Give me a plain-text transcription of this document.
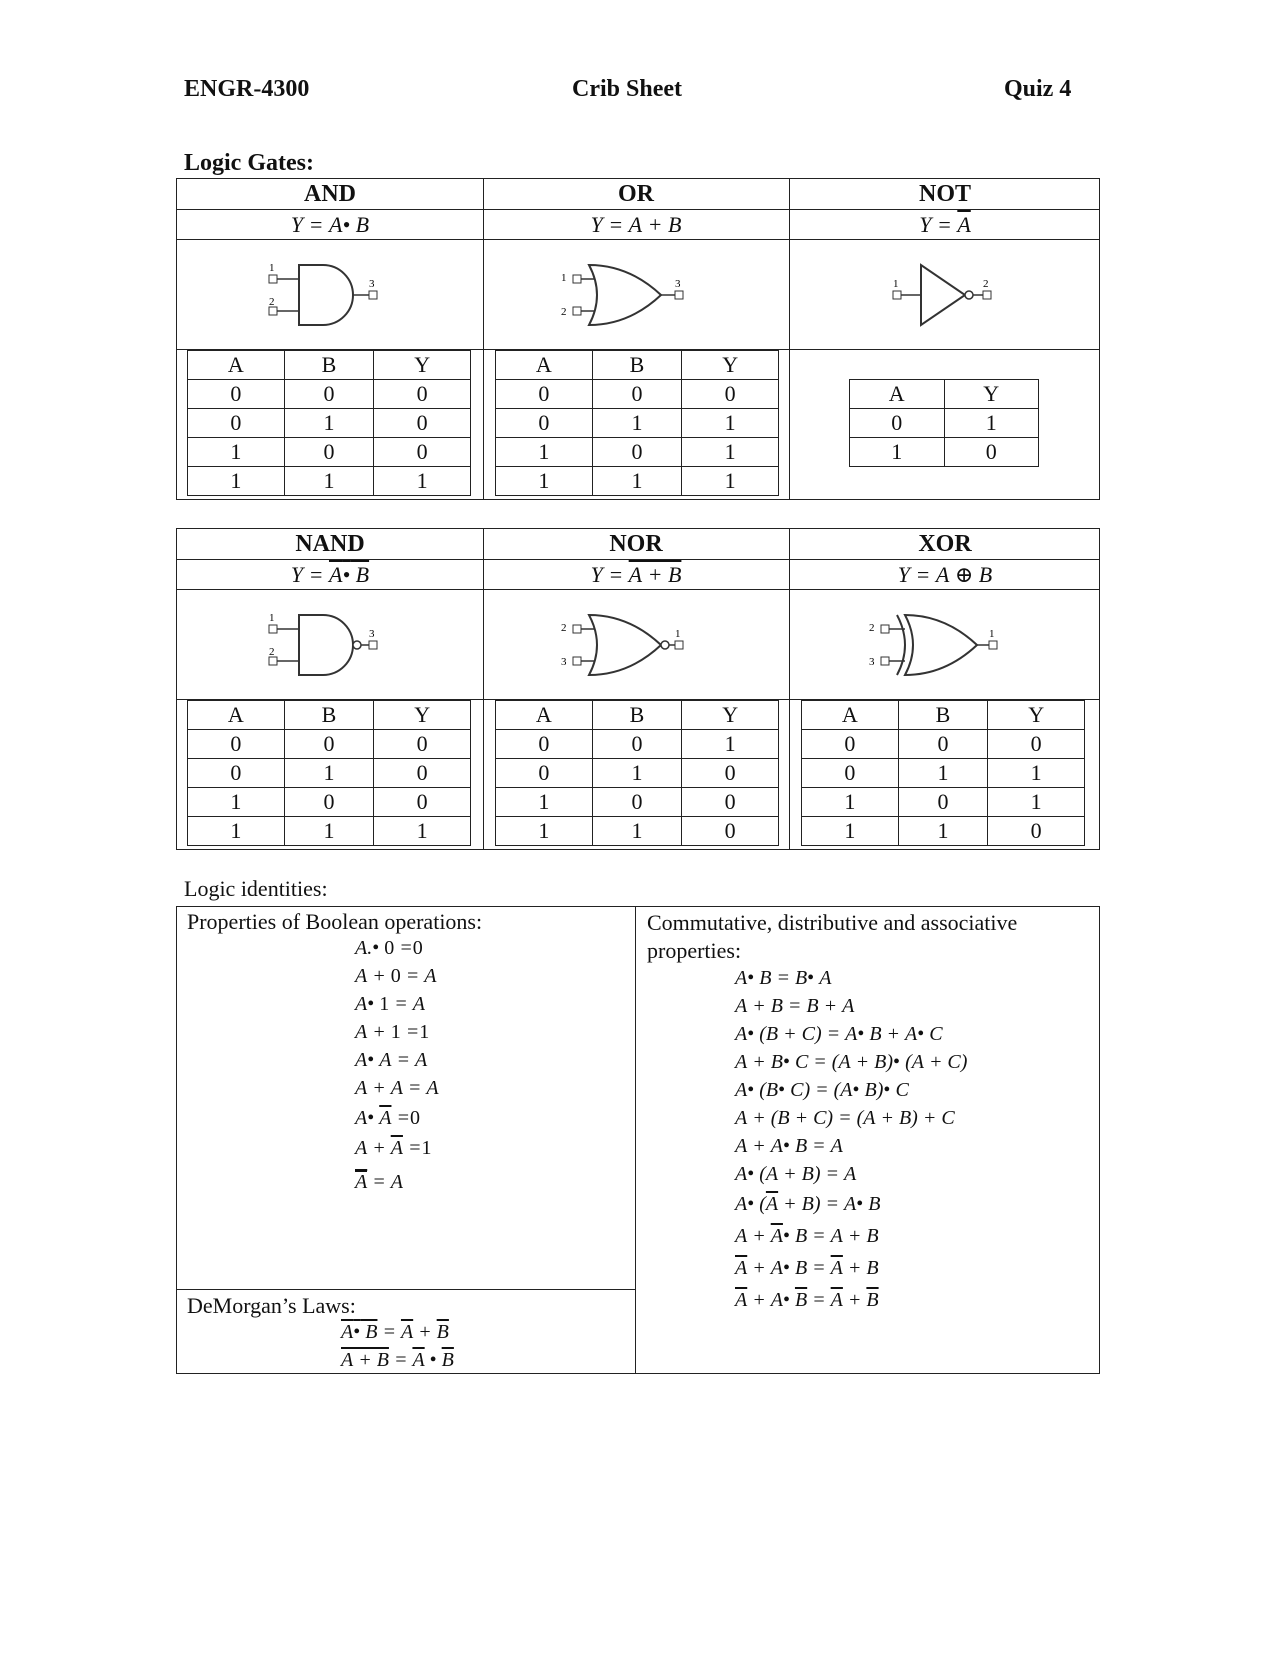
ENGR-4300	Crib Sheet	Quiz 4
Logic Gates:
AND	OR	NOT
Y = A• B	Y = A + B	$Y = \overline{A}$
1
2
3	1
2
3	1	2
A	B	Y
0	0	0
0	1	0
1	0	0
1	1	1
A	B	Y
0	0	0
0	1	1
1	0	1
1	1	1
A	Y
0	1
1	0
NAND	NOR	XOR
Y = A• B	Y = A + B	Y = A ⊕ B
1
2
3	2
3
1	2
3
1
A	B	Y
0	0	0
0	1	0
1	0	0
1	1	1
A	B	Y
0	0	1
0	1	0
1	0	0
1	1	0
A	B	Y
0	0	0
0	1	1
1	0	1
1	1	0
Logic identities:
Properties of Boolean operations:
A.• 0 =0
A + 0 = A
A• 1 = A
A + 1 =1
A• A = A
A + A = A
A• $\overline{A} =0$
$A + \overline{A} =1$
$\overline{A} = A$
DeMorgan’s Laws:
A• $B = \overline{A} + \overline{B}$
$A + B = \overline{A}$ • $\overline{B}$
Commutative, distributive and associative properties:
A• B = B• A
A + B = B + A
A• (B + C) = A• B + A• C
A + B• C = (A + B)• (A + C)
A• (B• C) = (A• B)• C
A + (B + C) = (A + B) + C
A + A• B = A
A• (A + B) = A
A• $(\overline{A} + B)$ = A• B
$A + \overline{A}•$ B = A + B
$\overline{A}$ + A• $B = \overline{A} + B$
$\overline{A}$ + A• $\overline{B} = \overline{A} + \overline{B}$
